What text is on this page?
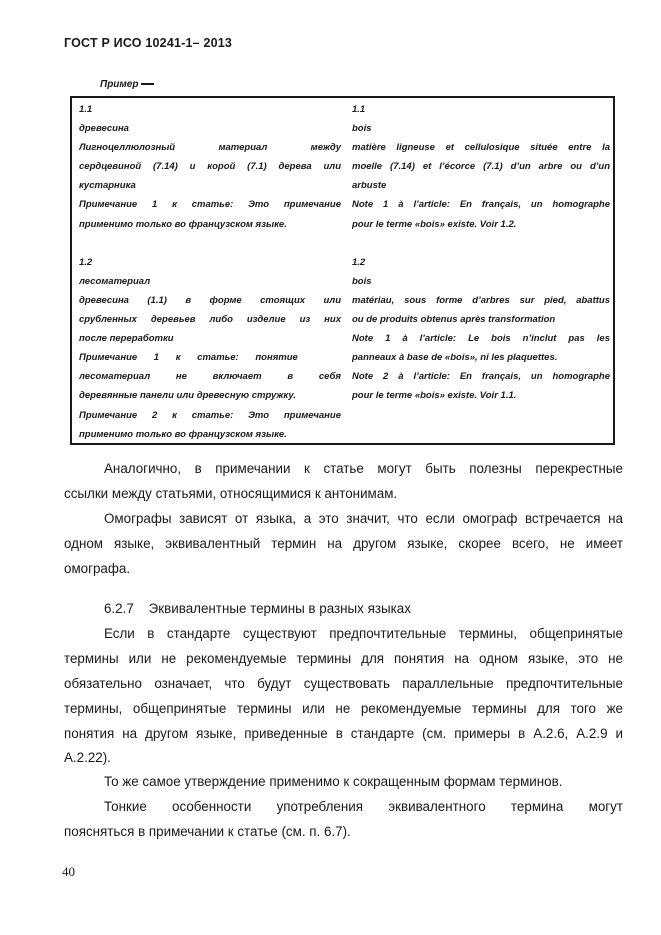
ГОСТ Р ИСО 10241-1– 2013
Пример
1.1
древесина
Лигноцеллюлозный материал между
сердцевиной (7.14) и корой (7.1) дерева или
кустарника
Примечание 1 к статье: Это примечание
применимо только во французском языке.
1.2
лесоматериал
древесина (1.1) в форме стоящих или
срубленных деревьев либо изделие из них
после переработки
Примечание 1 к статье: понятие
лесоматериал не включает в себя
деревянные панели или древесную стружку.
Примечание 2 к статье: Это примечание
применимо только во французском языке.
1.1
bois
matière ligneuse et cellulosique située entre la
moelle (7.14) et l’écorce (7.1) d’un arbre ou d’un
arbuste
Note 1 à l’article: En français, un homographe
pour le terme «bois» existe. Voir 1.2.
1.2
bois
matériau, sous forme d’arbres sur pied, abattus
ou de produits obtenus après transformation
Note 1 à l’article: Le bois n’inclut pas les
panneaux à base de «bois», ni les plaquettes.
Note 2 à l’article: En français, un homographe
pour le terme «bois» existe. Voir 1.1.
Аналогично, в примечании к статье могут быть полезны перекрестные
ссылки между статьями, относящимися к антонимам.
Омографы зависят от языка, а это значит, что если омограф встречается на
одном языке, эквивалентный термин на другом языке, скорее всего, не имеет
омографа.
6.2.7    Эквивалентные термины в разных языках
Если в стандарте существуют предпочтительные термины, общепринятые
термины или не рекомендуемые термины для понятия на одном языке, это не
обязательно означает, что будут существовать параллельные предпочтительные
термины, общепринятые термины или не рекомендуемые термины для того же
понятия на другом языке, приведенные в стандарте (см. примеры в А.2.6, А.2.9 и
А.2.22).
То же самое утверждение применимо к сокращенным формам терминов.
Тонкие особенности употребления эквивалентного термина могут
поясняться в примечании к статье (см. п. 6.7).
40
